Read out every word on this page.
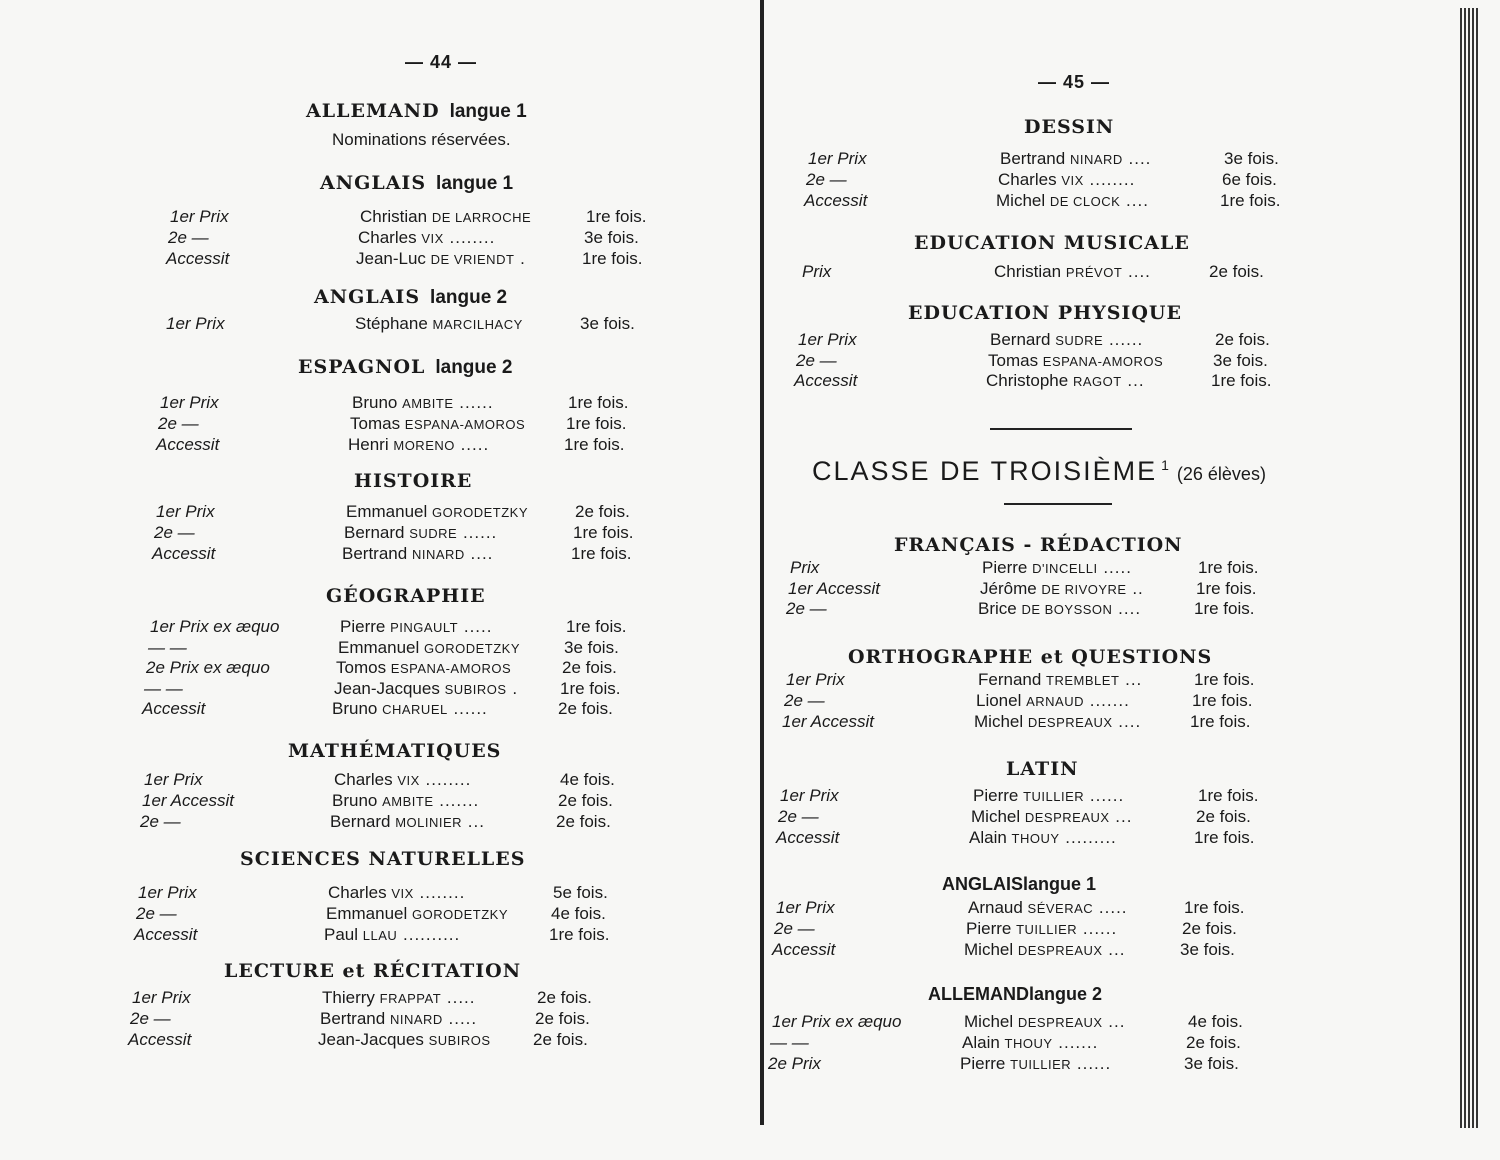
— 44 —
ALLEMAND langue 1
Nominations réservées.
ANGLAIS langue 1
1er Prix	Christian DE LARROCHE	1re fois.
2e —	Charles VIX ........	3e fois.
Accessit	Jean-Luc DE VRIENDT .	1re fois.
ANGLAIS langue 2
1er Prix	Stéphane MARCILHACY	3e fois.
ESPAGNOL langue 2
1er Prix	Bruno AMBITE ......	1re fois.
2e —	Tomas ESPANA-AMOROS 1re fois.
Accessit	Henri MORENO .....	1re fois.
HISTOIRE
1er Prix	Emmanuel GORODETZKY	2e fois.
2e —	Bernard SUDRE ......	1re fois.
Accessit	Bertrand NINARD ....	1re fois.
GÉOGRAPHIE
1er Prix ex æquo	Pierre PINGAULT .....	1re fois.
— —	Emmanuel GORODETZKY	3e fois.
2e Prix ex æquo	Tomos ESPANA-AMOROS	2e fois.
— —	Jean-Jacques SUBIROS . 1re fois.
Accessit	Bruno CHARUEL ......	2e fois.
MATHÉMATIQUES
1er Prix	Charles VIX ........	4e fois.
1er Accessit	Bruno AMBITE .......	2e fois.
2e —	Bernard MOLINIER ...	2e fois.
SCIENCES NATURELLES
1er Prix	Charles VIX ........	5e fois.
2e —	Emmanuel GORODETZKY	4e fois.
Accessit	Paul LLAU ..........	1re fois.
LECTURE et RÉCITATION
1er Prix	Thierry FRAPPAT .....	2e fois.
2e —	Bertrand NINARD .....	2e fois.
Accessit	Jean-Jacques SUBIROS 2e fois.
— 45 —
DESSIN
1er Prix	Bertrand NINARD ....	3e fois.
2e —	Charles VIX ........	6e fois.
Accessit	Michel DE CLOCK ....	1re fois.
EDUCATION MUSICALE
Prix	Christian PRÉVOT ....	2e fois.
EDUCATION PHYSIQUE
1er Prix	Bernard SUDRE ......	2e fois.
2e —	Tomas ESPANA-AMOROS	3e fois.
Accessit	Christophe RAGOT ...	1re fois.
CLASSE DE TROISIÈME $^1$ (26 élèves)
FRANÇAIS - RÉDACTION
Prix	Pierre D'INCELLI .....	1re fois.
1er Accessit	Jérôme DE RIVOYRE ..	1re fois.
2e —	Brice DE BOYSSON ....	1re fois.
ORTHOGRAPHE et QUESTIONS
1er Prix	Fernand TREMBLET ...	1re fois.
2e —	Lionel ARNAUD .......	1re fois.
1er Accessit	Michel DESPREAUX ....	1re fois.
LATIN
1er Prix	Pierre TUILLIER ......	1re fois.
2e —	Michel DESPREAUX ...	2e fois.
Accessit	Alain THOUY .........	1re fois.
ANGLAISlangue 1
1er Prix	Arnaud SÉVERAC .....	1re fois.
2e —	Pierre TUILLIER ......	2e fois.
Accessit	Michel DESPREAUX ...	3e fois.
ALLEMANDlangue 2
1er Prix ex æquo	Michel DESPREAUX ...	4e fois.
— —	Alain THOUY .......	2e fois.
2e Prix	Pierre TUILLIER ......	3e fois.
